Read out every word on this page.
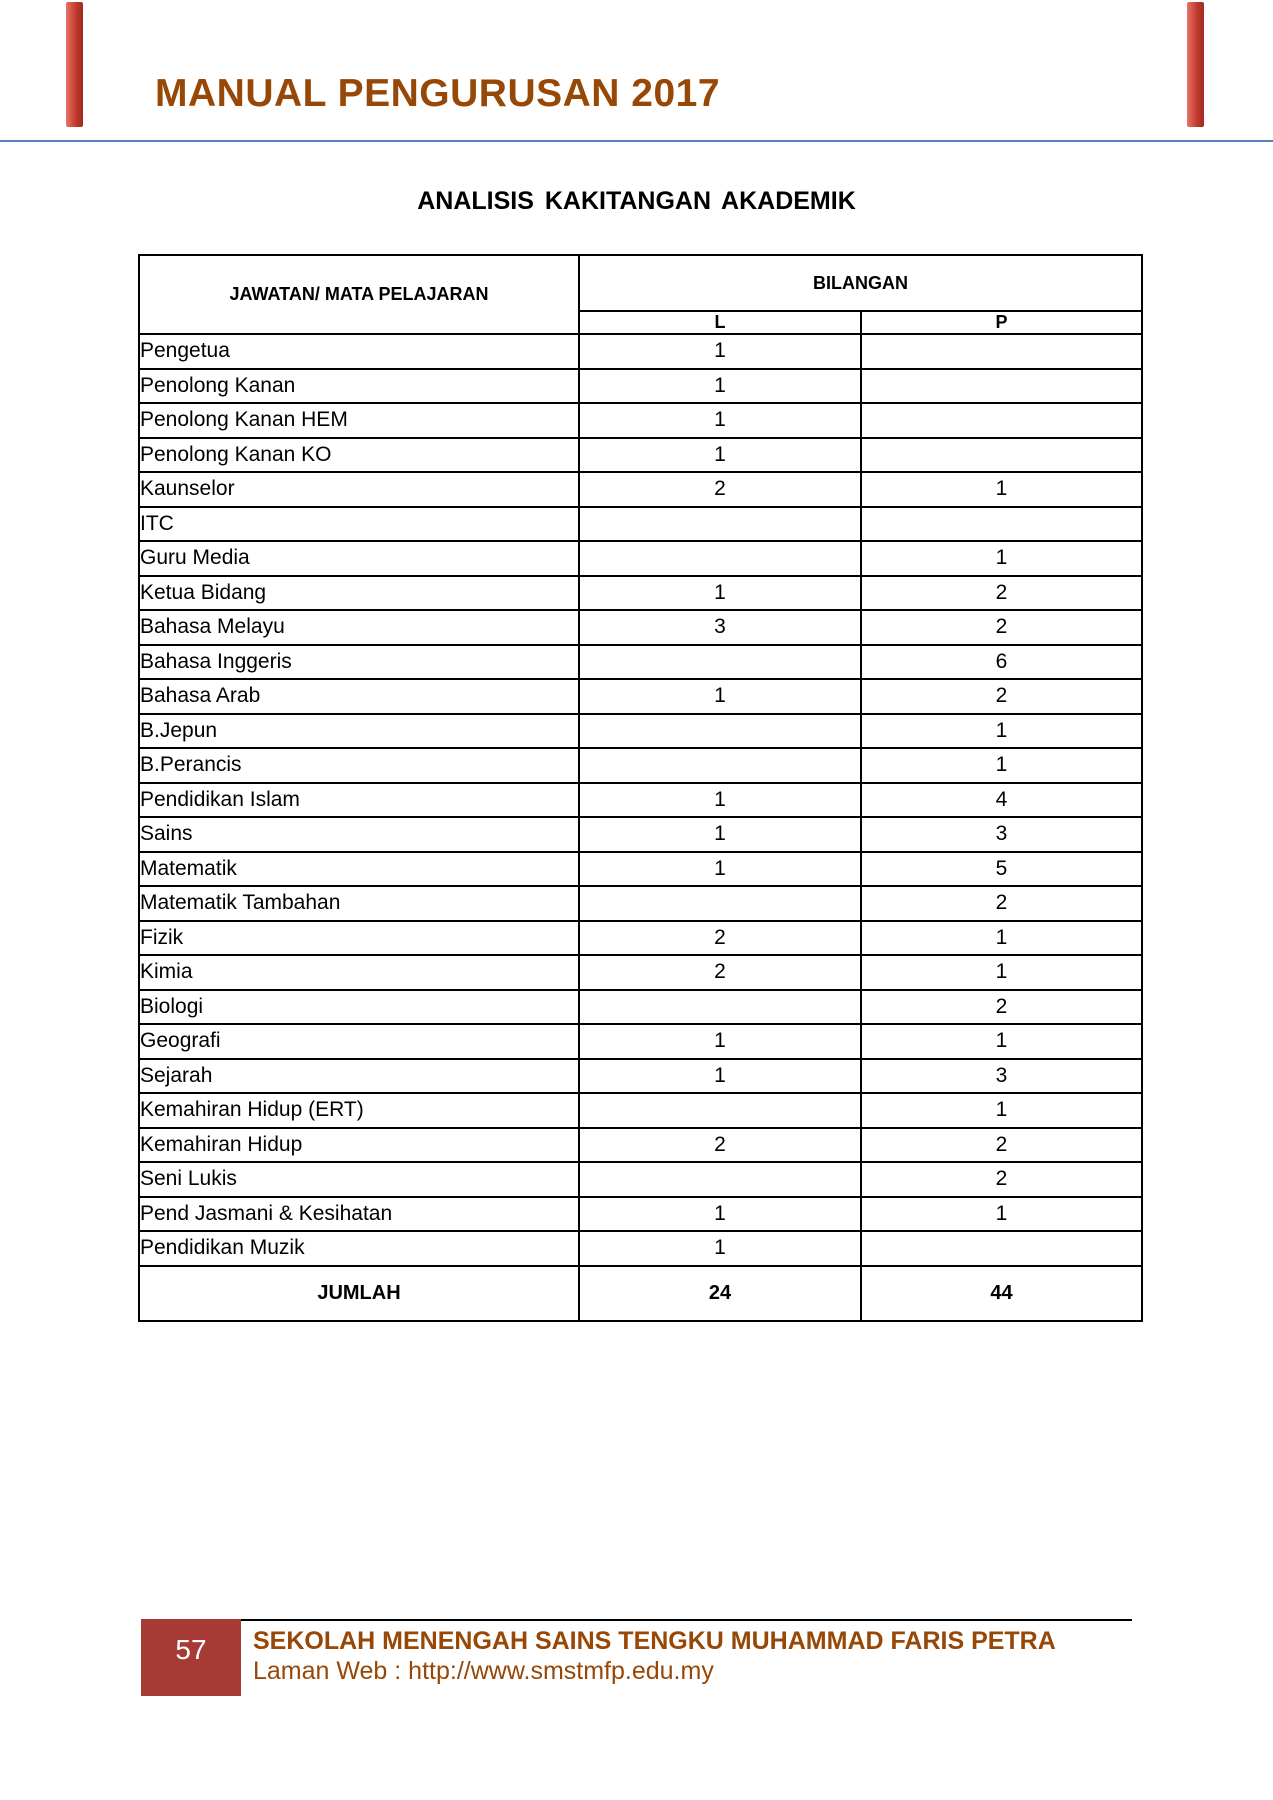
MANUAL PENGURUSAN 2017
ANALISIS KAKITANGAN AKADEMIK
JAWATAN/ MATA PELAJARAN	BILANGAN	
	L	P
Pengetua	1	
Penolong Kanan	1	
Penolong Kanan HEM	1	
Penolong Kanan KO	1	
Kaunselor	2	1
ITC		
Guru Media		1
Ketua Bidang	1	2
Bahasa Melayu	3	2
Bahasa Inggeris		6
Bahasa Arab	1	2
B.Jepun		1
B.Perancis		1
Pendidikan Islam	1	4
Sains	1	3
Matematik	1	5
Matematik Tambahan		2
Fizik	2	1
Kimia	2	1
Biologi		2
Geografi	1	1
Sejarah	1	3
Kemahiran Hidup (ERT)		1
Kemahiran Hidup	2	2
Seni Lukis		2
Pend Jasmani & Kesihatan	1	1
Pendidikan Muzik	1	
JUMLAH	24	44
57	SEKOLAH MENENGAH SAINS TENGKU MUHAMMAD FARIS PETRA
Laman Web : http://www.smstmfp.edu.my
